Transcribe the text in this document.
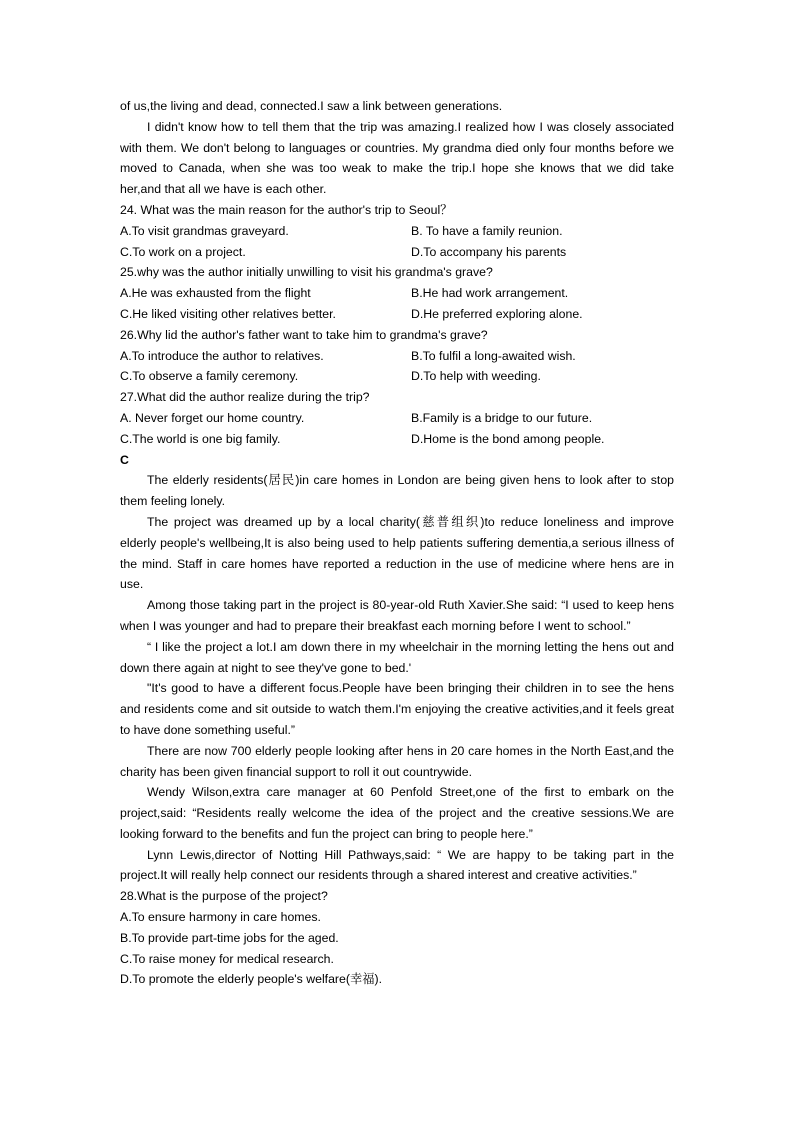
of us,the living and dead, connected.I saw a link between generations.

I didn't know how to tell them that the trip was amazing.I realized how I was closely associated with them. We don't belong to languages or countries. My grandma died only four months before we moved to Canada, when she was too weak to make the trip.I hope she knows that we did take her,and that all we have is each other.

24. What was the main reason for the author's trip to Seoul？

A.To visit grandmas graveyard.	B. To have a family reunion.
C.To work on a project.	D.To accompany his parents

25.why was the author initially unwilling to visit his grandma's grave?

A.He was exhausted from the flight	B.He had work arrangement.
C.He liked visiting other relatives better.	D.He preferred exploring alone.

26.Why lid the author's father want to take him to grandma's grave?

A.To introduce the author to relatives.	B.To fulfil a long-awaited wish.
C.To observe a family ceremony.	D.To help with weeding.

27.What did the author realize during the trip?

A. Never forget our home country.	B.Family is a bridge to our future.
C.The world is one big family.	D.Home is the bond among people.

C

The elderly residents(居民)in care homes in London are being given hens to look after to stop them feeling lonely.

The project was dreamed up by a local charity(慈普组织)to reduce loneliness and improve elderly people's wellbeing,It is also being used to help patients suffering dementia,a serious illness of the mind. Staff in care homes have reported a reduction in the use of medicine where hens are in use.

Among those taking part in the project is 80-year-old Ruth Xavier.She said: “I used to keep hens when I was younger and had to prepare their breakfast each morning before I went to school.”

“ I like the project a lot.I am down there in my wheelchair in the morning letting the hens out and down there again at night to see they've gone to bed.'

"It's good to have a different focus.People have been bringing their children in to see the hens and residents come and sit outside to watch them.I'm enjoying the creative activities,and it feels great to have done something useful.”

There are now 700 elderly people looking after hens in 20 care homes in the North East,and the charity has been given financial support to roll it out countrywide.

Wendy Wilson,extra care manager at 60 Penfold Street,one of the first to embark on the project,said: “Residents really welcome the idea of the project and the creative sessions.We are looking forward to the benefits and fun the project can bring to people here.”

Lynn Lewis,director of Notting Hill Pathways,said: “ We are happy to be taking part in the project.It will really help connect our residents through a shared interest and creative activities.”

28.What is the purpose of the project?

A.To ensure harmony in care homes.

B.To provide part-time jobs for the aged.

C.To raise money for medical research.

D.To promote the elderly people's welfare(幸福).
